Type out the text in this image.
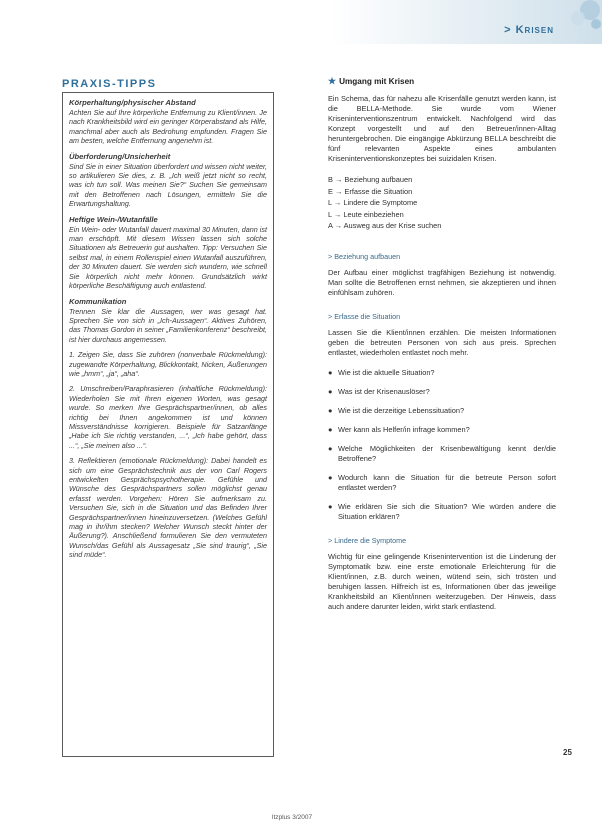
> Krisen
PRAXIS-TIPPS
Körperhaltung/physischer Abstand

Achten Sie auf Ihre körperliche Entfernung zu Klient/innen. Je nach Krankheitsbild wird ein geringer Körperabstand als Hilfe, manchmal aber auch als Bedrohung empfunden. Fragen Sie am besten, welche Entfernung angenehm ist.

Überforderung/Unsicherheit

Sind Sie in einer Situation überfordert und wissen nicht weiter, so artikulieren Sie dies, z. B. „Ich weiß jetzt nicht so recht, was ich tun soll. Was meinen Sie?“ Suchen Sie gemeinsam mit den Betroffenen nach Lösungen, ermitteln Sie die Erwartungshaltung.

Heftige Wein-/Wutanfälle

Ein Wein- oder Wutanfall dauert maximal 30 Minuten, dann ist man erschöpft. Mit diesem Wissen lassen sich solche Situationen als Betreuerin gut aushalten. Tipp: Versuchen Sie selbst mal, in einem Rollenspiel einen Wutanfall auszuführen, der 30 Minuten dauert. Sie werden sich wundern, wie schnell Sie körperlich nicht mehr können. Grundsätzlich wirkt körperliche Beschäftigung auch entlastend.

Kommunikation

Trennen Sie klar die Aussagen, wer was gesagt hat. Sprechen Sie von sich in „Ich-Aussagen“. Aktives Zuhören, das Thomas Gordon in seiner „Familienkonferenz“ beschreibt, ist hier durchaus angemessen.

1. Zeigen Sie, dass Sie zuhören (nonverbale Rückmeldung): zugewandte Körperhaltung, Blickkontakt, Nicken, Äußerungen wie „hmm“, „ja“, „aha“.

2. Umschreiben/Paraphrasieren (inhaltliche Rückmeldung): Wiederholen Sie mit Ihren eigenen Worten, was gesagt wurde. So merken Ihre Gesprächspartner/innen, ob alles richtig bei Ihnen angekommen ist und können Missverständnisse korrigieren. Beispiele für Satzanfänge „Habe ich Sie richtig verstanden, ...“, „Ich habe gehört, dass ...“, „Sie meinen also ...“.

3. Reflektieren (emotionale Rückmeldung): Dabei handelt es sich um eine Gesprächstechnik aus der von Carl Rogers entwickelten Gesprächspsychotherapie. Gefühle und Wünsche des Gesprächspartners sollen möglichst genau erfasst werden. Vorgehen: Hören Sie aufmerksam zu. Versuchen Sie, sich in die Situation und das Befinden Ihrer Gesprächspartner/innen hineinzuversetzen. (Welches Gefühl mag in ihr/ihm stecken? Welcher Wunsch steckt hinter der Äußerung?). Anschließend formulieren Sie den vermuteten Wunsch/das Gefühl als Aussagesatz „Sie sind traurig“, „Sie sind müde“.

★ Umgang mit Krisen

Ein Schema, das für nahezu alle Krisenfälle genutzt werden kann, ist die BELLA-Methode. Sie wurde vom Wiener Kriseninterventionszentrum entwickelt. Nachfolgend wird das Konzept vorgestellt und auf den Betreuer/innen-Alltag heruntergebrochen. Die eingängige Abkürzung BELLA beschreibt die fünf relevanten Aspekte eines ambulanten Kriseninterventionskonzeptes bei suizidalen Krisen.

B → Beziehung aufbauen
E → Erfasse die Situation
L → Lindere die Symptome
L → Leute einbeziehen
A → Ausweg aus der Krise suchen
> Beziehung aufbauen

Der Aufbau einer möglichst tragfähigen Beziehung ist notwendig. Man sollte die Betroffenen ernst nehmen, sie akzeptieren und ihnen einfühlsam zuhören.

> Erfasse die Situation

Lassen Sie die Klient/innen erzählen. Die meisten Informationen geben die betreuten Personen von sich aus preis. Sprechen entlastet, wiederholen entlastet noch mehr.

● Wie ist die aktuelle Situation?
● Was ist der Krisenauslöser?
● Wie ist die derzeitige Lebenssituation?
● Wer kann als Helfer/in infrage kommen?
● Welche Möglichkeiten der Krisenbewältigung kennt der/die Betroffene?
● Wodurch kann die Situation für die betreute Person sofort entlastet werden?
● Wie erklären Sie sich die Situation? Wie würden andere die Situation erklären?
> Lindere die Symptome

Wichtig für eine gelingende Krisenintervention ist die Linderung der Symptomatik bzw. eine erste emotionale Erleichterung für die Klient/innen, z.B. durch weinen, wütend sein, sich trösten und beruhigen lassen. Hilfreich ist es, Informationen über das jeweilige Krankheitsbild an Klient/innen weiterzugeben. Der Hinweis, dass auch andere darunter leiden, wirkt stark entlastend.

25
ltzplus 3/2007
